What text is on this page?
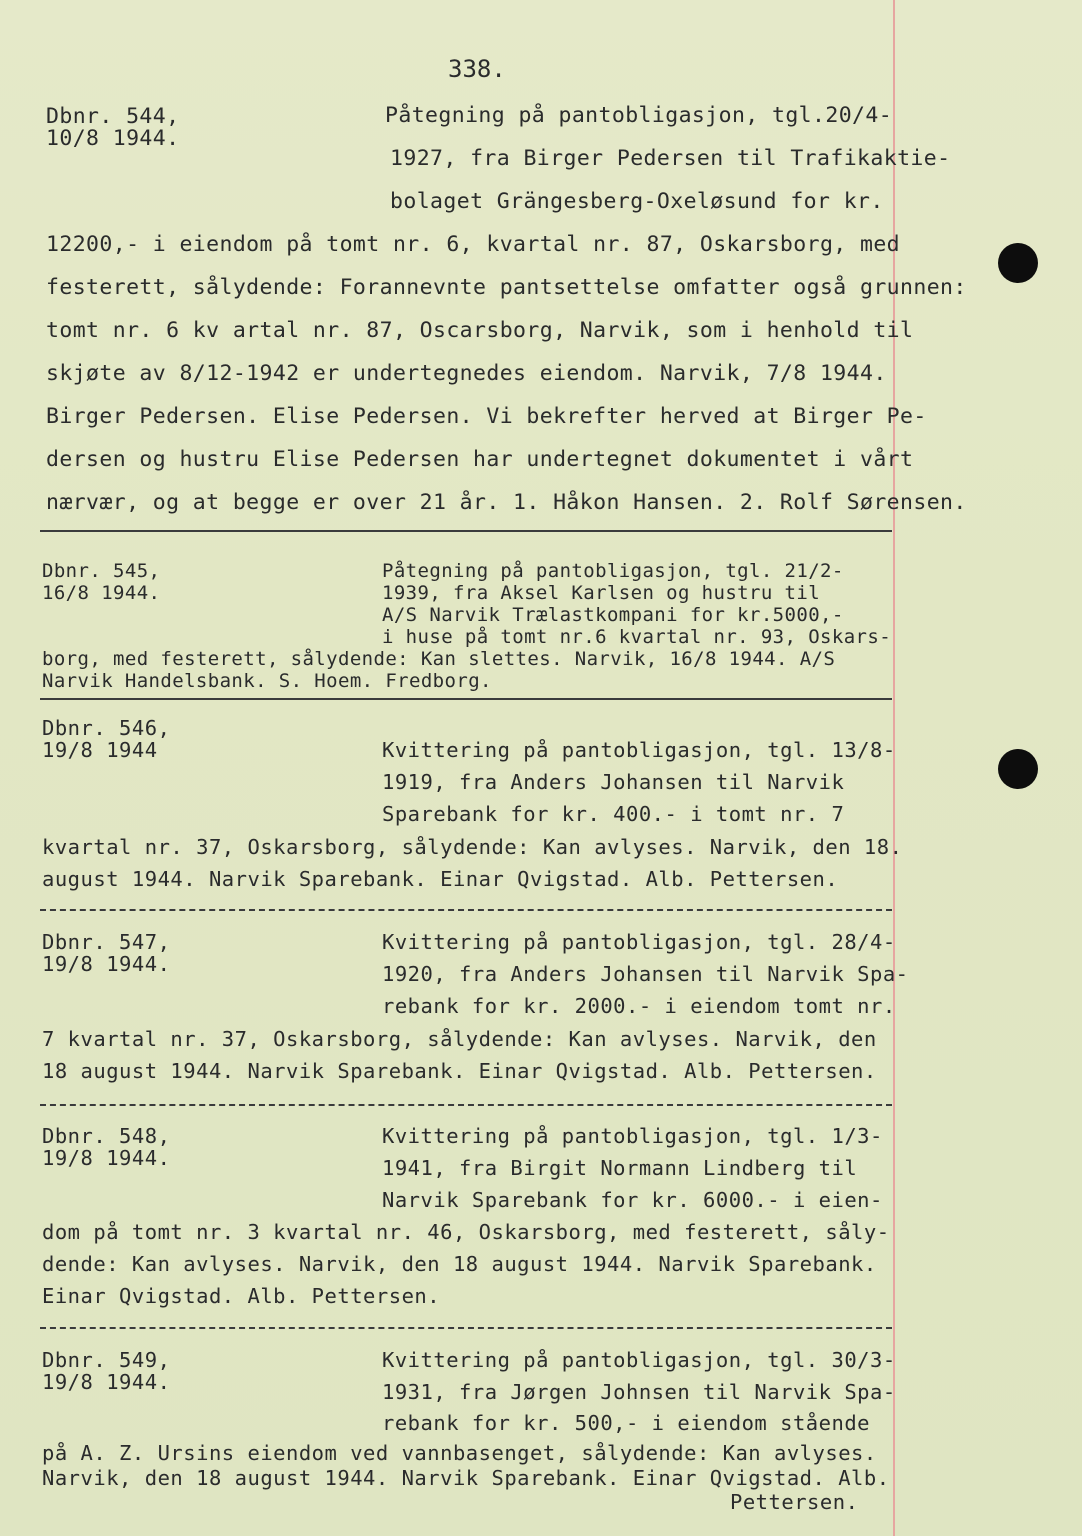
338.
Dbnr. 544,
10/8 1944.
Påtegning på pantobligasjon, tgl.20/4-
1927, fra Birger Pedersen til Trafikaktie-
bolaget Grängesberg-Oxeløsund for kr.
12200,- i eiendom på tomt nr. 6, kvartal nr. 87, Oskarsborg, med
festerett, sålydende: Forannevnte pantsettelse omfatter også grunnen:
tomt nr. 6 kv artal nr. 87, Oscarsborg, Narvik, som i henhold til
skjøte av 8/12-1942 er undertegnedes eiendom. Narvik, 7/8 1944.
Birger Pedersen. Elise Pedersen. Vi bekrefter herved at Birger Pe-
dersen og hustru Elise Pedersen har undertegnet dokumentet i vårt
nærvær, og at begge er over 21 år. 1. Håkon Hansen. 2. Rolf Sørensen.
Dbnr. 545,
16/8 1944.
Påtegning på pantobligasjon, tgl. 21/2-
1939, fra Aksel Karlsen og hustru til
A/S Narvik Trælastkompani for kr.5000,-
i huse på tomt nr.6 kvartal nr. 93, Oskars-
borg, med festerett, sålydende: Kan slettes. Narvik, 16/8 1944. A/S
Narvik Handelsbank. S. Hoem. Fredborg.
Dbnr. 546,
19/8 1944	Kvittering på pantobligasjon, tgl. 13/8-
1919, fra Anders Johansen til Narvik
Sparebank for kr. 400.- i tomt nr. 7
kvartal nr. 37, Oskarsborg, sålydende: Kan avlyses. Narvik, den 18.
august 1944. Narvik Sparebank. Einar Qvigstad. Alb. Pettersen.
Dbnr. 547,
19/8 1944.
Kvittering på pantobligasjon, tgl. 28/4-
1920, fra Anders Johansen til Narvik Spa-
rebank for kr. 2000.- i eiendom tomt nr.
7 kvartal nr. 37, Oskarsborg, sålydende: Kan avlyses. Narvik, den
18 august 1944. Narvik Sparebank. Einar Qvigstad. Alb. Pettersen.
Dbnr. 548,
19/8 1944.
Kvittering på pantobligasjon, tgl. 1/3-
1941, fra Birgit Normann Lindberg til
Narvik Sparebank for kr. 6000.- i eien-
dom på tomt nr. 3 kvartal nr. 46, Oskarsborg, med festerett, såly-
dende: Kan avlyses. Narvik, den 18 august 1944. Narvik Sparebank.
Einar Qvigstad. Alb. Pettersen.
Dbnr. 549,
19/8 1944.
Kvittering på pantobligasjon, tgl. 30/3-
1931, fra Jørgen Johnsen til Narvik Spa-
rebank for kr. 500,- i eiendom stående
på A. Z. Ursins eiendom ved vannbasenget, sålydende: Kan avlyses.
Narvik, den 18 august 1944. Narvik Sparebank. Einar Qvigstad. Alb.
Pettersen.
